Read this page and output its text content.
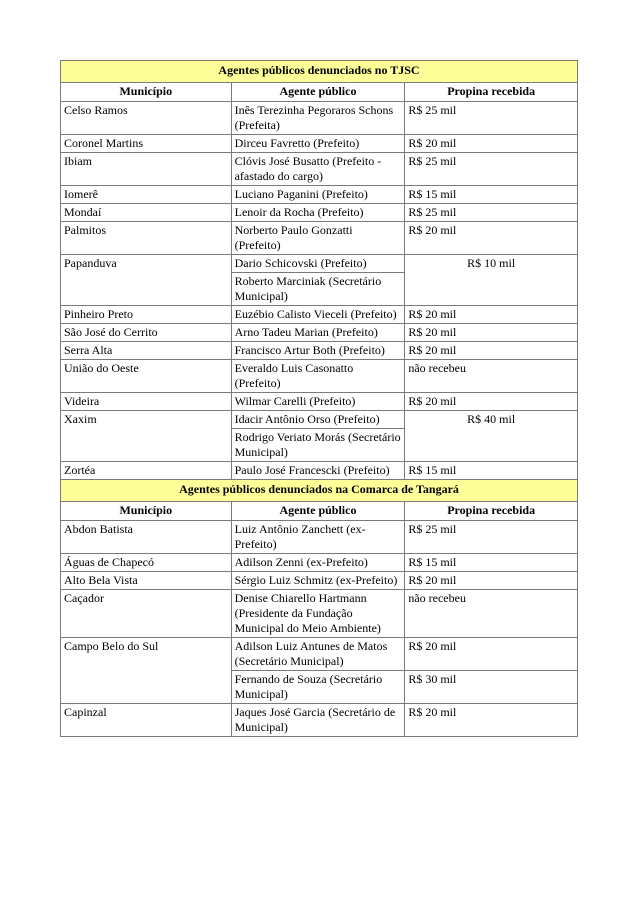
Agentes públicos denunciados no TJSC		
Município	Agente público	Propina recebida
Celso Ramos	Inês Terezinha Pegoraros Schons (Prefeita)	R$ 25 mil
Coronel Martins	Dirceu Favretto (Prefeito)	R$ 20 mil
Ibiam	Clóvis José Busatto (Prefeito - afastado do cargo)	R$ 25 mil
Iomerê	Luciano Paganini (Prefeito)	R$ 15 mil
Mondaí	Lenoir da Rocha (Prefeito)	R$ 25 mil
Palmitos	Norberto Paulo Gonzatti (Prefeito)	R$ 20 mil
Papanduva	Dario Schicovski (Prefeito)	R$ 10 mil
	Roberto Marciniak (Secretário Municipal)	
Pinheiro Preto	Euzébio Calisto Vieceli (Prefeito)	R$ 20 mil
São José do Cerrito	Arno Tadeu Marian (Prefeito)	R$ 20 mil
Serra Alta	Francisco Artur Both (Prefeito)	R$ 20 mil
União do Oeste	Everaldo Luis Casonatto (Prefeito)	não recebeu
Videira	Wilmar Carelli (Prefeito)	R$ 20 mil
Xaxim	Idacir Antônio Orso (Prefeito)	R$ 40 mil
	Rodrigo Veriato Morás (Secretário Municipal)	
Zortéa	Paulo José Francescki (Prefeito)	R$ 15 mil
Agentes públicos denunciados na Comarca de Tangará		
Município	Agente público	Propina recebida
Abdon Batista	Luiz Antônio Zanchett (ex-Prefeito)	R$ 25 mil
Águas de Chapecó	Adilson Zenni (ex-Prefeito)	R$ 15 mil
Alto Bela Vista	Sérgio Luiz Schmitz (ex-Prefeito)	R$ 20 mil
Caçador	Denise Chiarello Hartmann (Presidente da Fundação Municipal do Meio Ambiente)	não recebeu
Campo Belo do Sul	Adilson Luiz Antunes de Matos (Secretário Municipal)	R$ 20 mil
	Fernando de Souza (Secretário Municipal)	R$ 30 mil
Capinzal	Jaques José Garcia (Secretário de Municipal)	R$ 20 mil
